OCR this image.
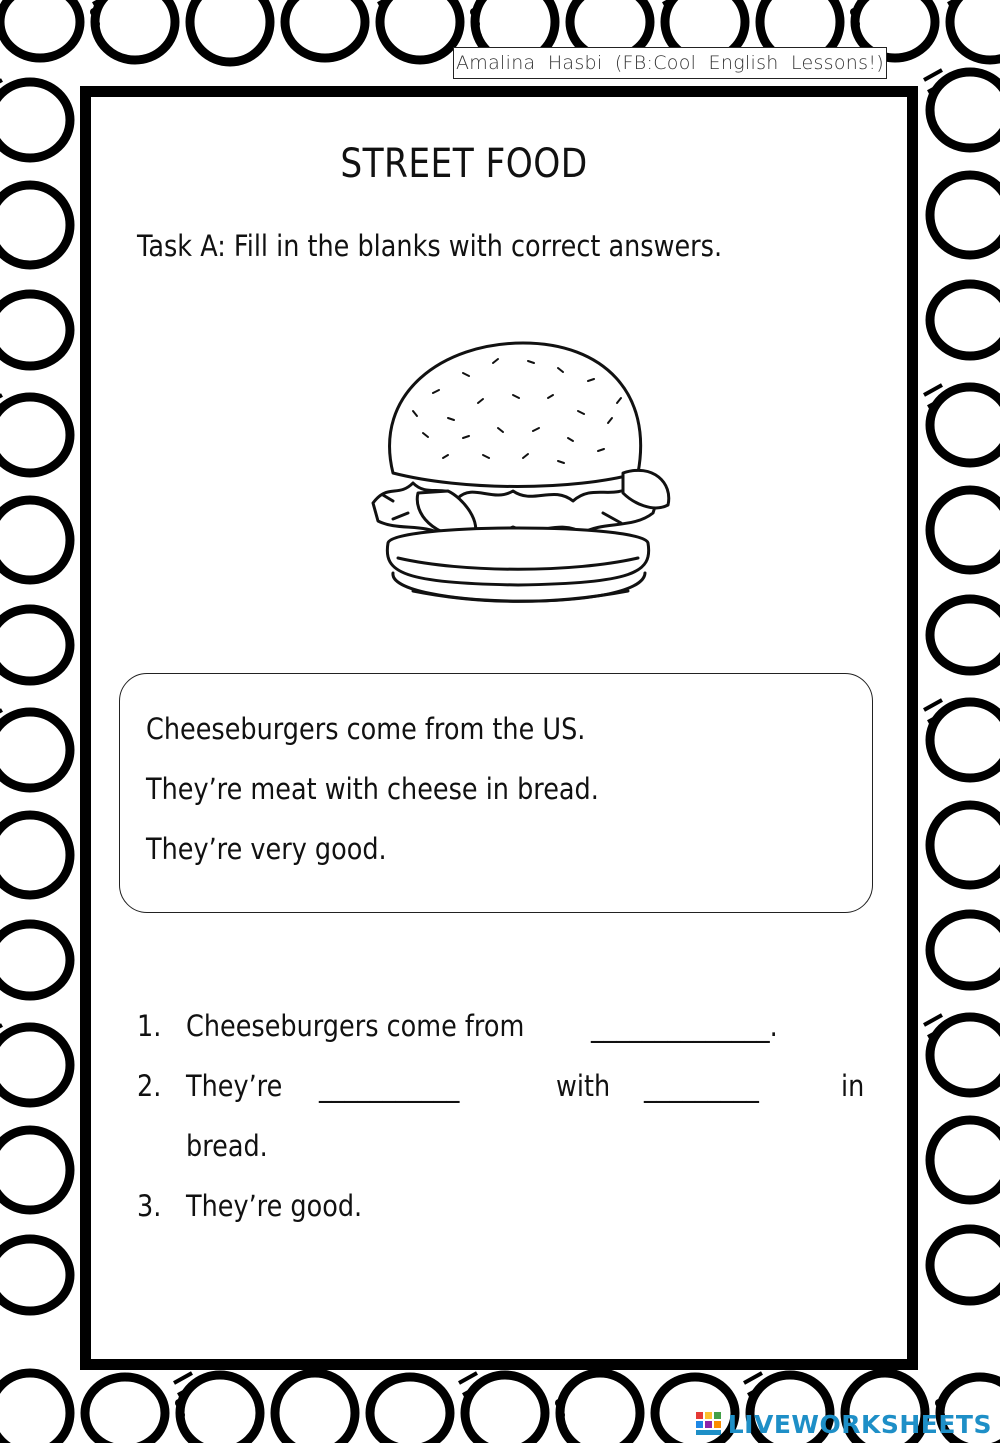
Amalina Hasbi (FB:Cool English Lessons!)
STREET FOOD
Task A: Fill in the blanks with correct answers.

Cheeseburgers come from the US.

They’re meat with cheese in bread.

They’re very good.

1. Cheeseburgers come from ______________.
2. They’re ___________	with _________	in
bread.
3. They’re good.
LIVEWORKSHEETS
